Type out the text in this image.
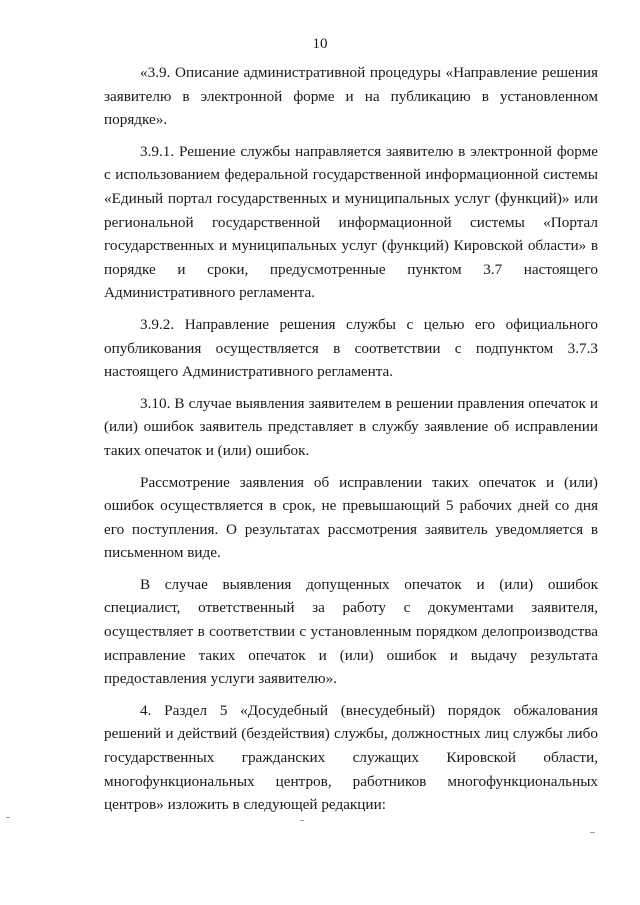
10

«3.9. Описание административной процедуры «Направление решения заявителю в электронной форме и на публикацию в установленном порядке».

3.9.1. Решение службы направляется заявителю в электронной форме с использованием федеральной государственной информационной системы «Единый портал государственных и муниципальных услуг (функций)» или региональной государственной информационной системы «Портал государственных и муниципальных услуг (функций) Кировской области» в порядке и сроки, предусмотренные пунктом 3.7 настоящего Административного регламента.

3.9.2. Направление решения службы с целью его официального опубликования осуществляется в соответствии с подпунктом 3.7.3 настоящего Административного регламента.

3.10. В случае выявления заявителем в решении правления опечаток и (или) ошибок заявитель представляет в службу заявление об исправлении таких опечаток и (или) ошибок.

Рассмотрение заявления об исправлении таких опечаток и (или) ошибок осуществляется в срок, не превышающий 5 рабочих дней со дня его поступления. О результатах рассмотрения заявитель уведомляется в письменном виде.

В случае выявления допущенных опечаток и (или) ошибок специалист, ответственный за работу с документами заявителя, осуществляет в соответствии с установленным порядком делопроизводства исправление таких опечаток и (или) ошибок и выдачу результата предоставления услуги заявителю».

4. Раздел 5 «Досудебный (внесудебный) порядок обжалования решений и действий (бездействия) службы, должностных лиц службы либо государственных гражданских служащих Кировской области, многофункциональных центров, работников многофункциональных центров» изложить в следующей редакции:
